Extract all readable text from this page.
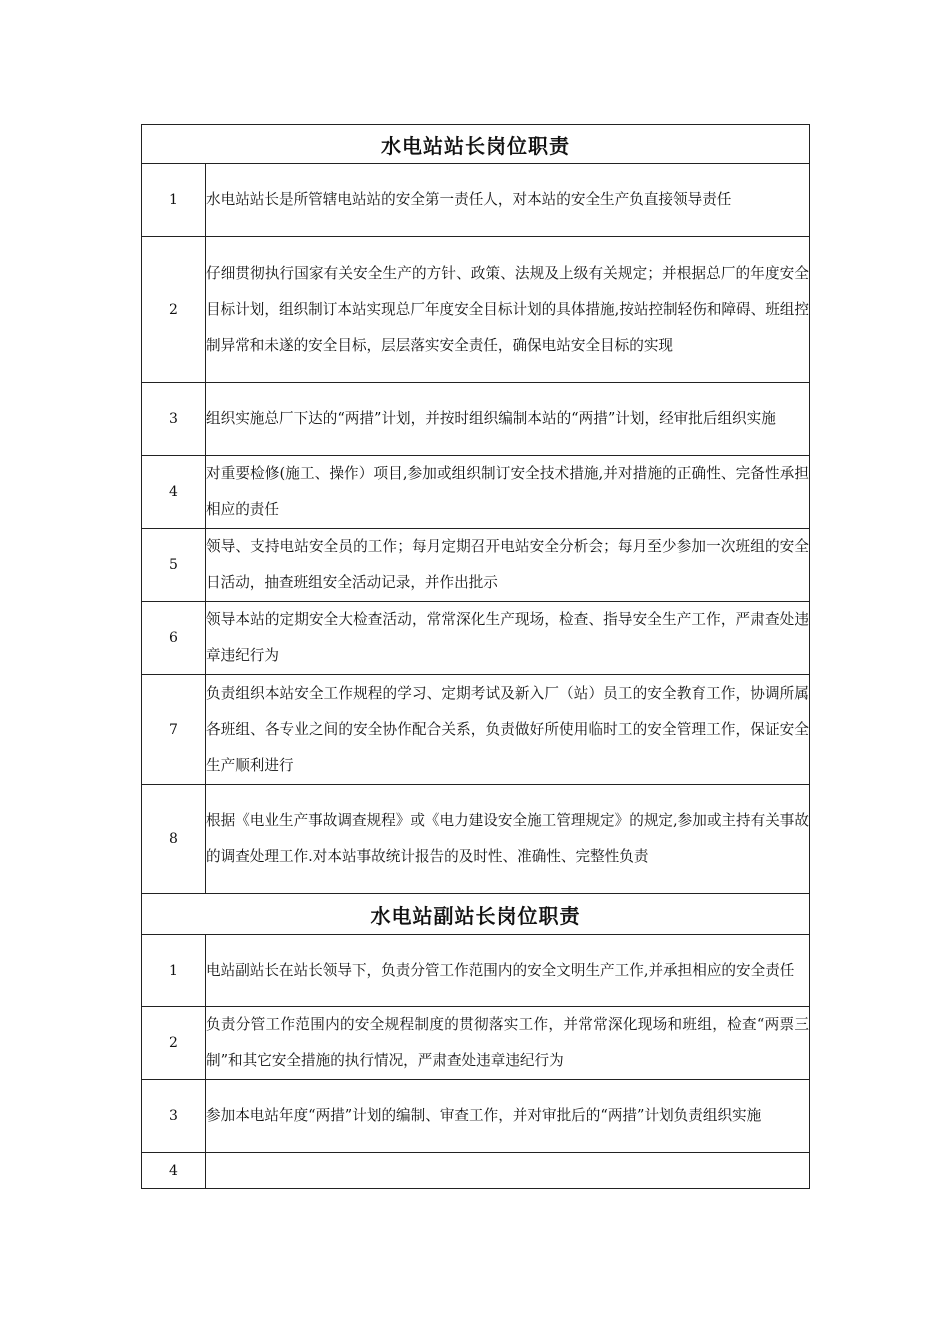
水电站站长岗位职责	
1	水电站站长是所管辖电站站的安全第一责任人，对本站的安全生产负直接领导责任
2	仔细贯彻执行国家有关安全生产的方针、政策、法规及上级有关规定；并根据总厂的年度安全目标计划，组织制订本站实现总厂年度安全目标计划的具体措施,按站控制轻伤和障碍、班组控制异常和未遂的安全目标，层层落实安全责任，确保电站安全目标的实现
3	组织实施总厂下达的“两措”计划，并按时组织编制本站的“两措”计划，经审批后组织实施
4	对重要检修(施工、操作）项目,参加或组织制订安全技术措施,并对措施的正确性、完备性承担相应的责任
5	领导、支持电站安全员的工作；每月定期召开电站安全分析会；每月至少参加一次班组的安全日活动，抽查班组安全活动记录，并作出批示
6	领导本站的定期安全大检查活动，常常深化生产现场，检查、指导安全生产工作，严肃查处违章违纪行为
7	负责组织本站安全工作规程的学习、定期考试及新入厂（站）员工的安全教育工作，协调所属各班组、各专业之间的安全协作配合关系，负责做好所使用临时工的安全管理工作，保证安全生产顺利进行
8	根据《电业生产事故调查规程》或《电力建设安全施工管理规定》的规定,参加或主持有关事故的调查处理工作.对本站事故统计报告的及时性、准确性、完整性负责
水电站副站长岗位职责	
1	电站副站长在站长领导下，负责分管工作范围内的安全文明生产工作,并承担相应的安全责任
2	负责分管工作范围内的安全规程制度的贯彻落实工作，并常常深化现场和班组，检查“两票三制”和其它安全措施的执行情况，严肃查处违章违纪行为
3	参加本电站年度“两措”计划的编制、审查工作，并对审批后的“两措”计划负责组织实施
4	
